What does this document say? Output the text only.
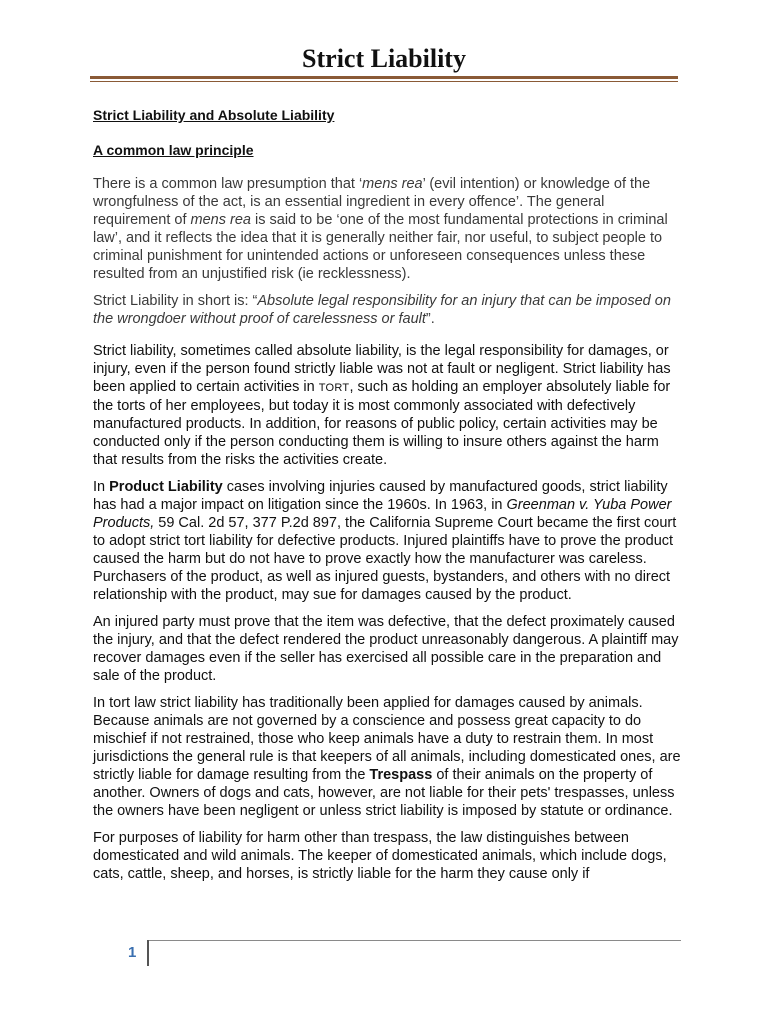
Strict Liability

Strict Liability and Absolute Liability

A common law principle

There is a common law presumption that ‘mens rea’ (evil intention) or knowledge of the wrongfulness of the act, is an essential ingredient in every offence’. The general requirement of mens rea is said to be ‘one of the most fundamental protections in criminal law’, and it reflects the idea that it is generally neither fair, nor useful, to subject people to criminal punishment for unintended actions or unforeseen consequences unless these resulted from an unjustified risk (ie recklessness).

Strict Liability in short is: “Absolute legal responsibility for an injury that can be imposed on the wrongdoer without proof of carelessness or fault”.

Strict liability, sometimes called absolute liability, is the legal responsibility for damages, or injury, even if the person found strictly liable was not at fault or negligent. Strict liability has been applied to certain activities in TORT, such as holding an employer absolutely liable for the torts of her employees, but today it is most commonly associated with defectively manufactured products. In addition, for reasons of public policy, certain activities may be conducted only if the person conducting them is willing to insure others against the harm that results from the risks the activities create.

In Product Liability cases involving injuries caused by manufactured goods, strict liability has had a major impact on litigation since the 1960s. In 1963, in Greenman v. Yuba Power Products, 59 Cal. 2d 57, 377 P.2d 897, the California Supreme Court became the first court to adopt strict tort liability for defective products. Injured plaintiffs have to prove the product caused the harm but do not have to prove exactly how the manufacturer was careless. Purchasers of the product, as well as injured guests, bystanders, and others with no direct relationship with the product, may sue for damages caused by the product.

An injured party must prove that the item was defective, that the defect proximately caused the injury, and that the defect rendered the product unreasonably dangerous. A plaintiff may recover damages even if the seller has exercised all possible care in the preparation and sale of the product.

In tort law strict liability has traditionally been applied for damages caused by animals. Because animals are not governed by a conscience and possess great capacity to do mischief if not restrained, those who keep animals have a duty to restrain them. In most jurisdictions the general rule is that keepers of all animals, including domesticated ones, are strictly liable for damage resulting from the Trespass of their animals on the property of another. Owners of dogs and cats, however, are not liable for their pets' trespasses, unless the owners have been negligent or unless strict liability is imposed by statute or ordinance.

For purposes of liability for harm other than trespass, the law distinguishes between domesticated and wild animals. The keeper of domesticated animals, which include dogs, cats, cattle, sheep, and horses, is strictly liable for the harm they cause only if

1
